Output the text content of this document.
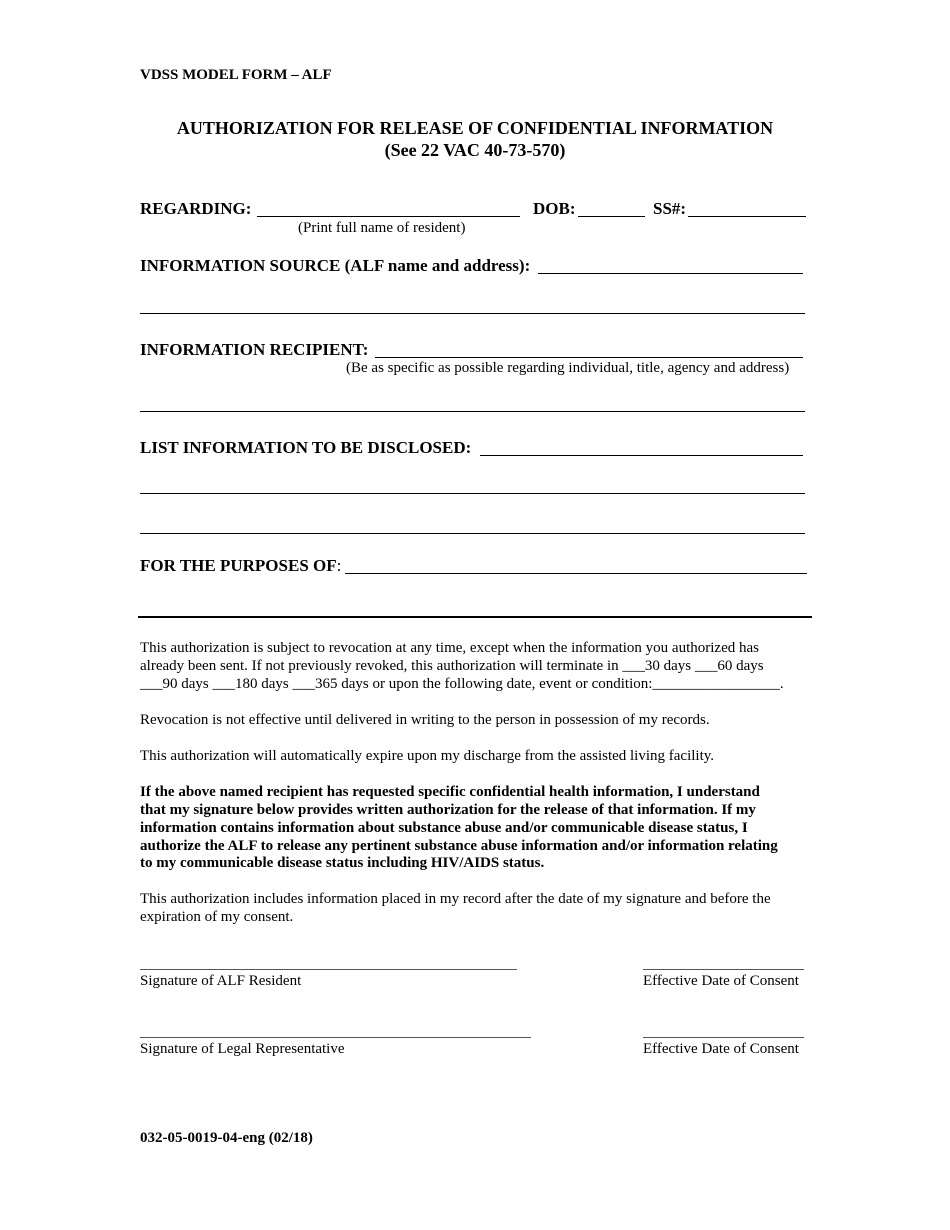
VDSS MODEL FORM – ALF
AUTHORIZATION FOR RELEASE OF CONFIDENTIAL INFORMATION
(See 22 VAC 40-73-570)
REGARDING:	DOB:	SS#:
(Print full name of resident)
INFORMATION SOURCE (ALF name and address):
INFORMATION RECIPIENT:
(Be as specific as possible regarding individual, title, agency and address)
LIST INFORMATION TO BE DISCLOSED:
FOR THE PURPOSES OF:
This authorization is subject to revocation at any time, except when the information you authorized has
already been sent. If not previously revoked, this authorization will terminate in ___30 days ___60 days
___90 days ___180 days ___365 days or upon the following date, event or condition:_________________.
Revocation is not effective until delivered in writing to the person in possession of my records.
This authorization will automatically expire upon my discharge from the assisted living facility.
If the above named recipient has requested specific confidential health information, I understand
that my signature below provides written authorization for the release of that information. If my
information contains information about substance abuse and/or communicable disease status, I
authorize the ALF to release any pertinent substance abuse information and/or information relating
to my communicable disease status including HIV/AIDS status.
This authorization includes information placed in my record after the date of my signature and before the
expiration of my consent.
Signature of ALF Resident	Effective Date of Consent
Signature of Legal Representative	Effective Date of Consent
032-05-0019-04-eng (02/18)
